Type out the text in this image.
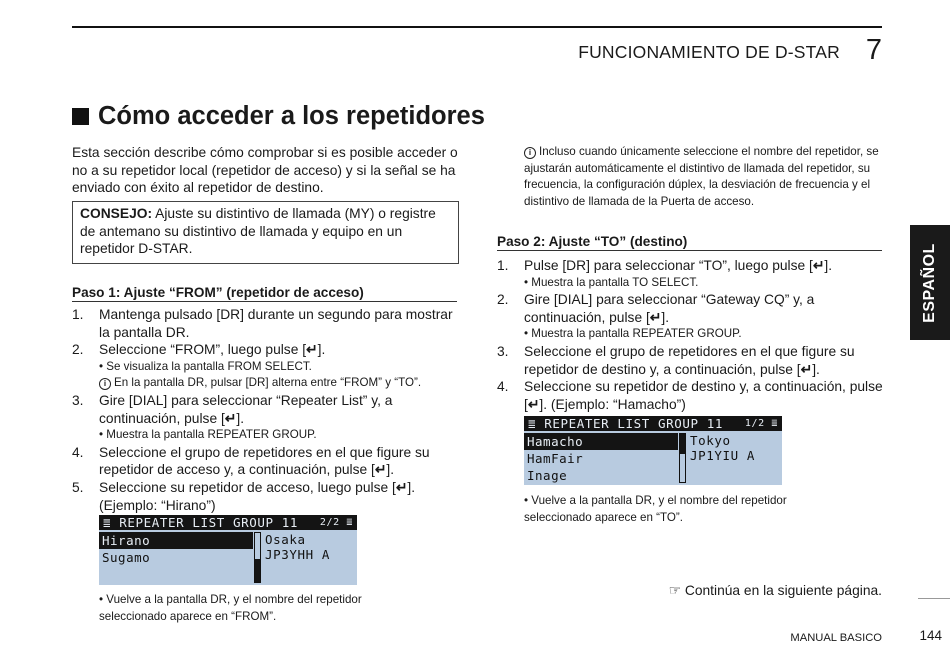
FUNCIONAMIENTO DE D-STAR 7
Cómo acceder a los repetidores
Esta sección describe cómo comprobar si es posible acceder o no a su repetidor local (repetidor de acceso) y si la señal se ha enviado con éxito al repetidor de destino.
CONSEJO: Ajuste su distintivo de llamada (MY) o registre de antemano su distintivo de llamada y equipo en un repetidor D-STAR.
Paso 1: Ajuste “FROM” (repetidor de acceso)
1. Mantenga pulsado [DR] durante un segundo para mostrar la pantalla DR.
2. Seleccione “FROM”, luego pulse [↵].
• Se visualiza la pantalla FROM SELECT.
i En la pantalla DR, pulsar [DR] alterna entre “FROM” y “TO”.
3. Gire [DIAL] para seleccionar “Repeater List” y, a continuación, pulse [↵].
• Muestra la pantalla REPEATER GROUP.
4. Seleccione el grupo de repetidores en el que figure su repetidor de acceso y, a continuación, pulse [↵].
5. Seleccione su repetidor de acceso, luego pulse [↵]. (Ejemplo: “Hirano”)
≣ REPEATER LIST GROUP 11 2/2 ≣
Hirano
Sugamo
Osaka
JP3YHH A
• Vuelve a la pantalla DR, y el nombre del repetidor seleccionado aparece en “FROM”.
i Incluso cuando únicamente seleccione el nombre del repetidor, se ajustarán automáticamente el distintivo de llamada del repetidor, su frecuencia, la configuración dúplex, la desviación de frecuencia y el distintivo de llamada de la Puerta de acceso.
Paso 2: Ajuste “TO” (destino)
1. Pulse [DR] para seleccionar “TO”, luego pulse [↵].
• Muestra la pantalla TO SELECT.
2. Gire [DIAL] para seleccionar “Gateway CQ” y, a continuación, pulse [↵].
• Muestra la pantalla REPEATER GROUP.
3. Seleccione el grupo de repetidores en el que figure su repetidor de destino y, a continuación, pulse [↵].
4. Seleccione su repetidor de destino y, a continuación, pulse [↵]. (Ejemplo: “Hamacho”)
≣ REPEATER LIST GROUP 11 1/2 ≣
Hamacho
HamFair
Inage
Tokyo
JP1YIU A
• Vuelve a la pantalla DR, y el nombre del repetidor seleccionado aparece en “TO”.
☞ Continúa en la siguiente página.
ESPAÑOL
MANUAL BASICO	144
